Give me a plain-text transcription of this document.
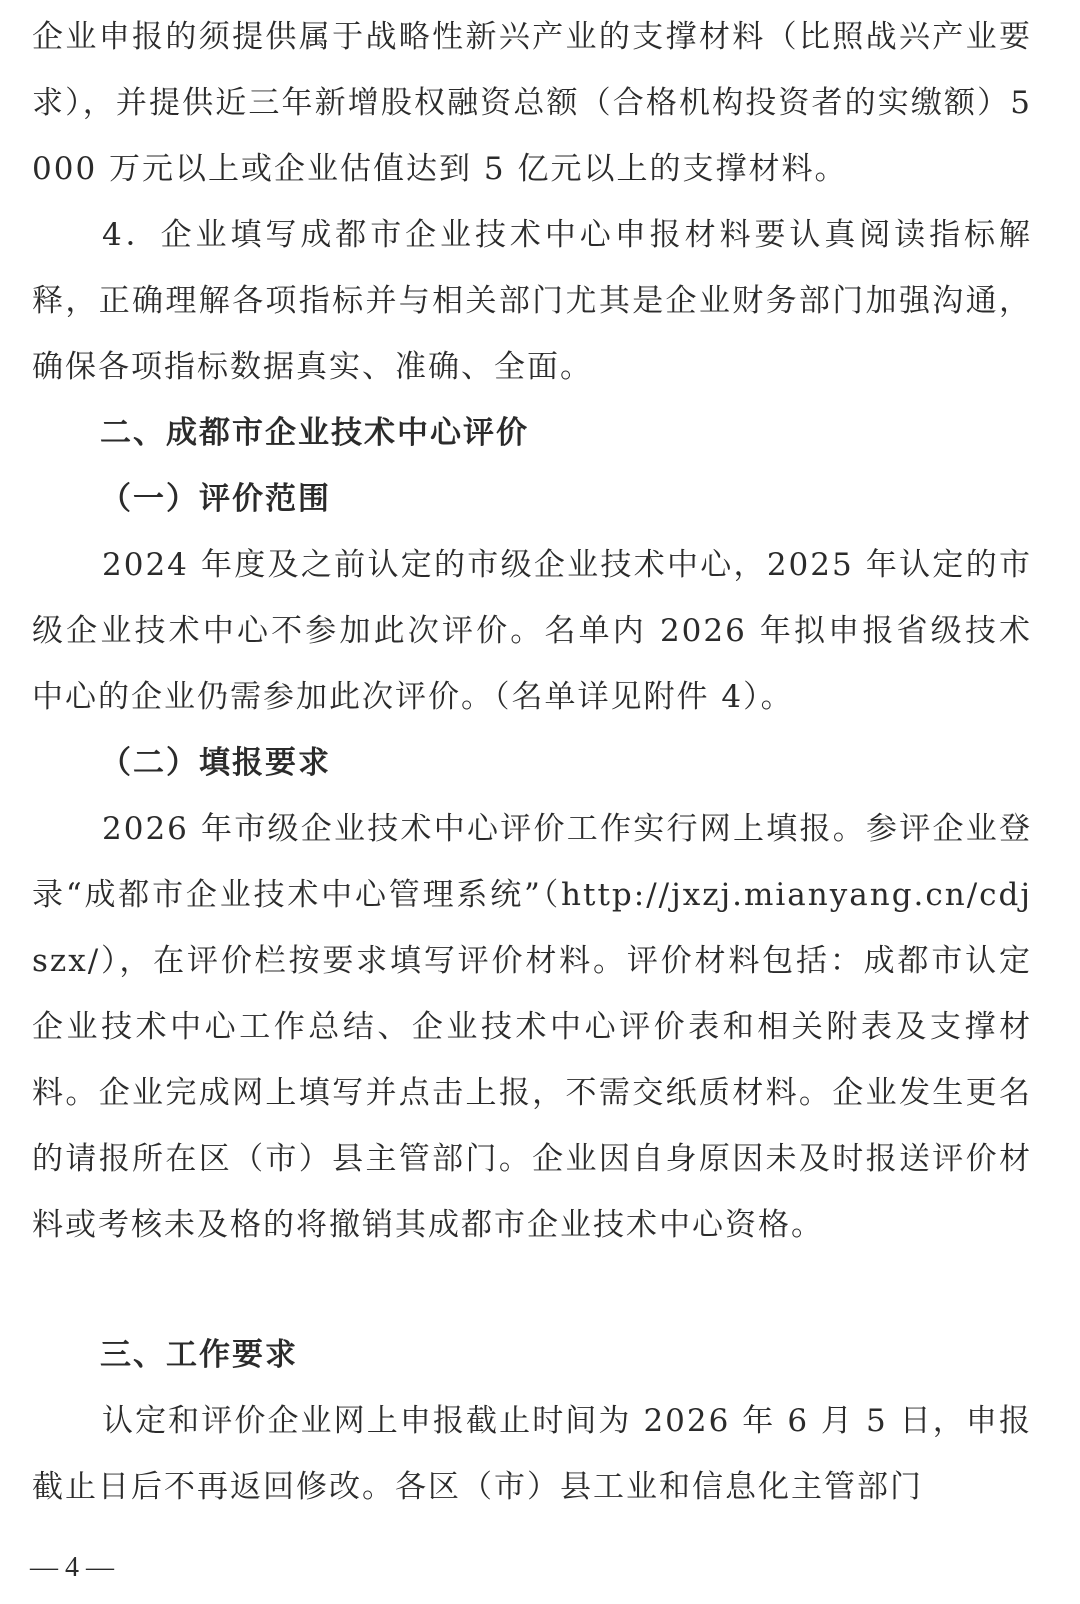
企业申报的须提供属于战略性新兴产业的支撑材料（比照战兴产业要求），并提供近三年新增股权融资总额（合格机构投资者的实缴额）5000 万元以上或企业估值达到 5 亿元以上的支撑材料。

4．企业填写成都市企业技术中心申报材料要认真阅读指标解释，正确理解各项指标并与相关部门尤其是企业财务部门加强沟通，确保各项指标数据真实、准确、全面。

二、成都市企业技术中心评价

（一）评价范围

2024 年度及之前认定的市级企业技术中心，2025 年认定的市级企业技术中心不参加此次评价。名单内 2026 年拟申报省级技术中心的企业仍需参加此次评价。（名单详见附件 4）。

（二）填报要求

2026 年市级企业技术中心评价工作实行网上填报。参评企业登录“成都市企业技术中心管理系统”（http://jxzj.mianyang.cn/cdjszx/），在评价栏按要求填写评价材料。评价材料包括：成都市认定企业技术中心工作总结、企业技术中心评价表和相关附表及支撑材料。企业完成网上填写并点击上报，不需交纸质材料。企业发生更名的请报所在区（市）县主管部门。企业因自身原因未及时报送评价材料或考核未及格的将撤销其成都市企业技术中心资格。

三、工作要求

认定和评价企业网上申报截止时间为 2026 年 6 月 5 日，申报截止日后不再返回修改。各区（市）县工业和信息化主管部门

— 4 —
